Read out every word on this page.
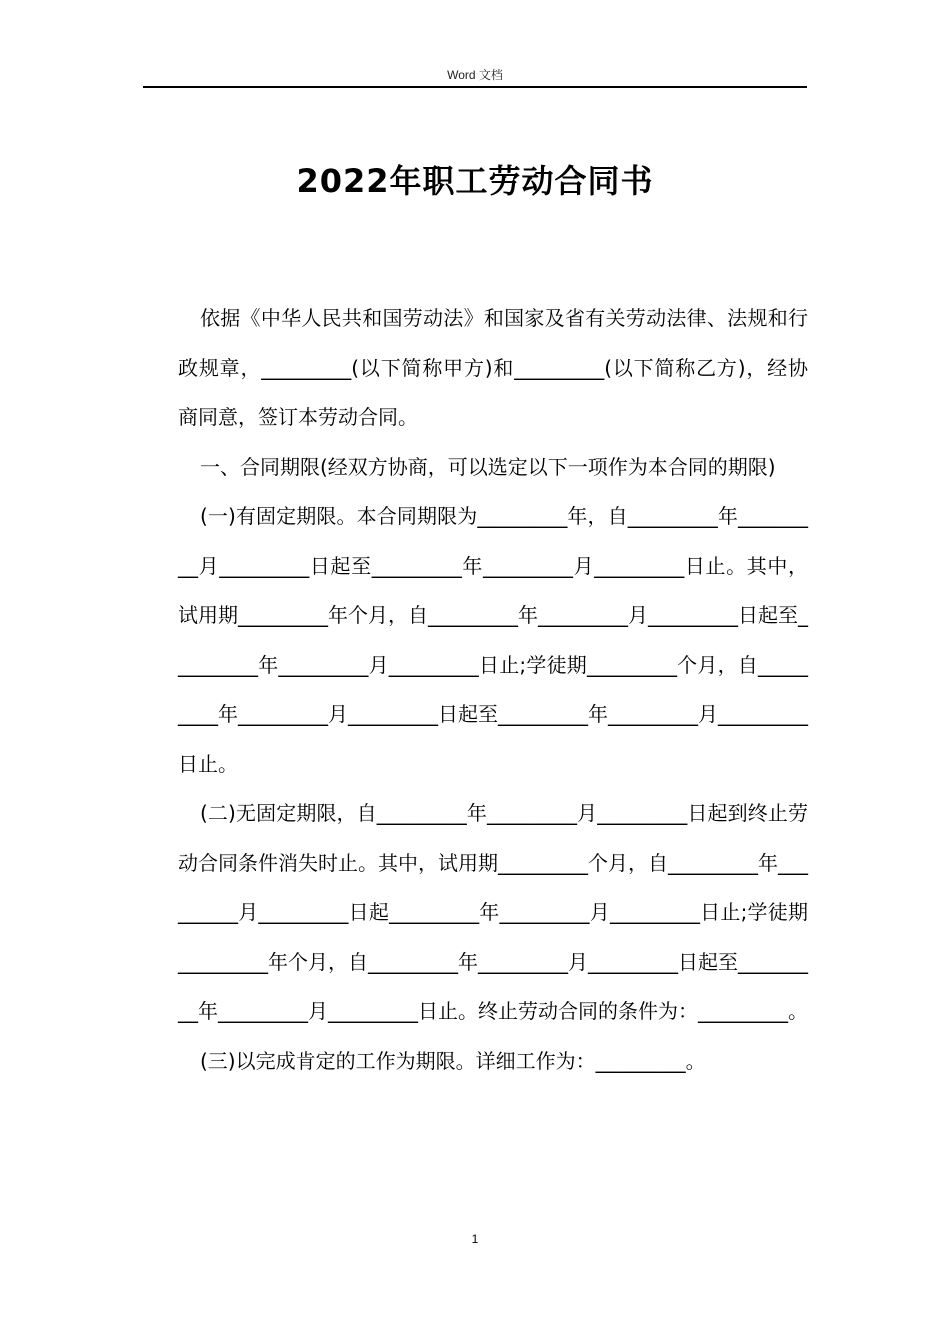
Word 文档
2022年职工劳动合同书

依据《中华人民共和国劳动法》和国家及省有关劳动法律、法规和行政规章，_________(以下简称甲方)和_________(以下简称乙方)，经协商同意，签订本劳动合同。

一、合同期限(经双方协商，可以选定以下一项作为本合同的期限)

(一)有固定期限。本合同期限为_________年，自_________年_________月_________日起至_________年_________月_________日止。其中，试用期_________年个月，自_________年_________月_________日起至_________年_________月_________日止;学徒期_________个月，自_________年_________月_________日起至_________年_________月_________日止。

(二)无固定期限，自_________年_________月_________日起到终止劳动合同条件消失时止。其中，试用期_________个月，自_________年_________月_________日起_________年_________月_________日止;学徒期_________年个月，自_________年_________月_________日起至_________年_________月_________日止。终止劳动合同的条件为：_________。

(三)以完成肯定的工作为期限。详细工作为：_________。

1
